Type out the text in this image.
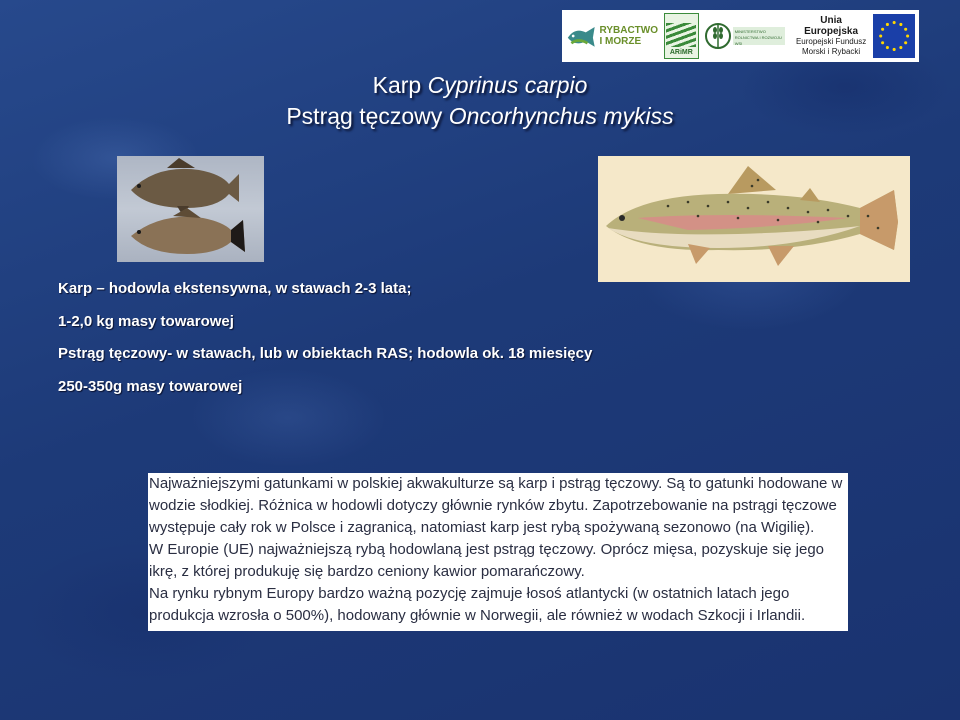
RYBACTWO
I MORZE
ARiMR
MINISTERSTWO ROLNICTWA I ROZWOJU WSI
Unia Europejska
Europejski Fundusz
Morski i Rybacki
Karp Cyprinus carpio
Pstrąg tęczowy Oncorhynchus mykiss
Karp – hodowla ekstensywna, w stawach 2-3 lata;
1-2,0 kg masy towarowej
Pstrąg tęczowy- w stawach, lub w obiektach RAS; hodowla ok. 18 miesięcy
250-350g masy towarowej

Najważniejszymi gatunkami w polskiej akwakulturze są karp i pstrąg tęczowy. Są to gatunki hodowane w wodzie słodkiej. Różnica w hodowli dotyczy głównie rynków zbytu. Zapotrzebowanie na pstrągi tęczowe występuje cały rok w Polsce i zagranicą, natomiast karp jest rybą spożywaną sezonowo (na Wigilię).

W Europie (UE) najważniejszą rybą hodowlaną jest pstrąg tęczowy. Oprócz mięsa, pozyskuje się jego ikrę, z której produkuję się bardzo ceniony kawior pomarańczowy.

Na rynku rybnym Europy bardzo ważną pozycję zajmuje łosoś atlantycki (w ostatnich latach jego produkcja wzrosła o 500%), hodowany głównie w Norwegii, ale również w wodach Szkocji i Irlandii.
